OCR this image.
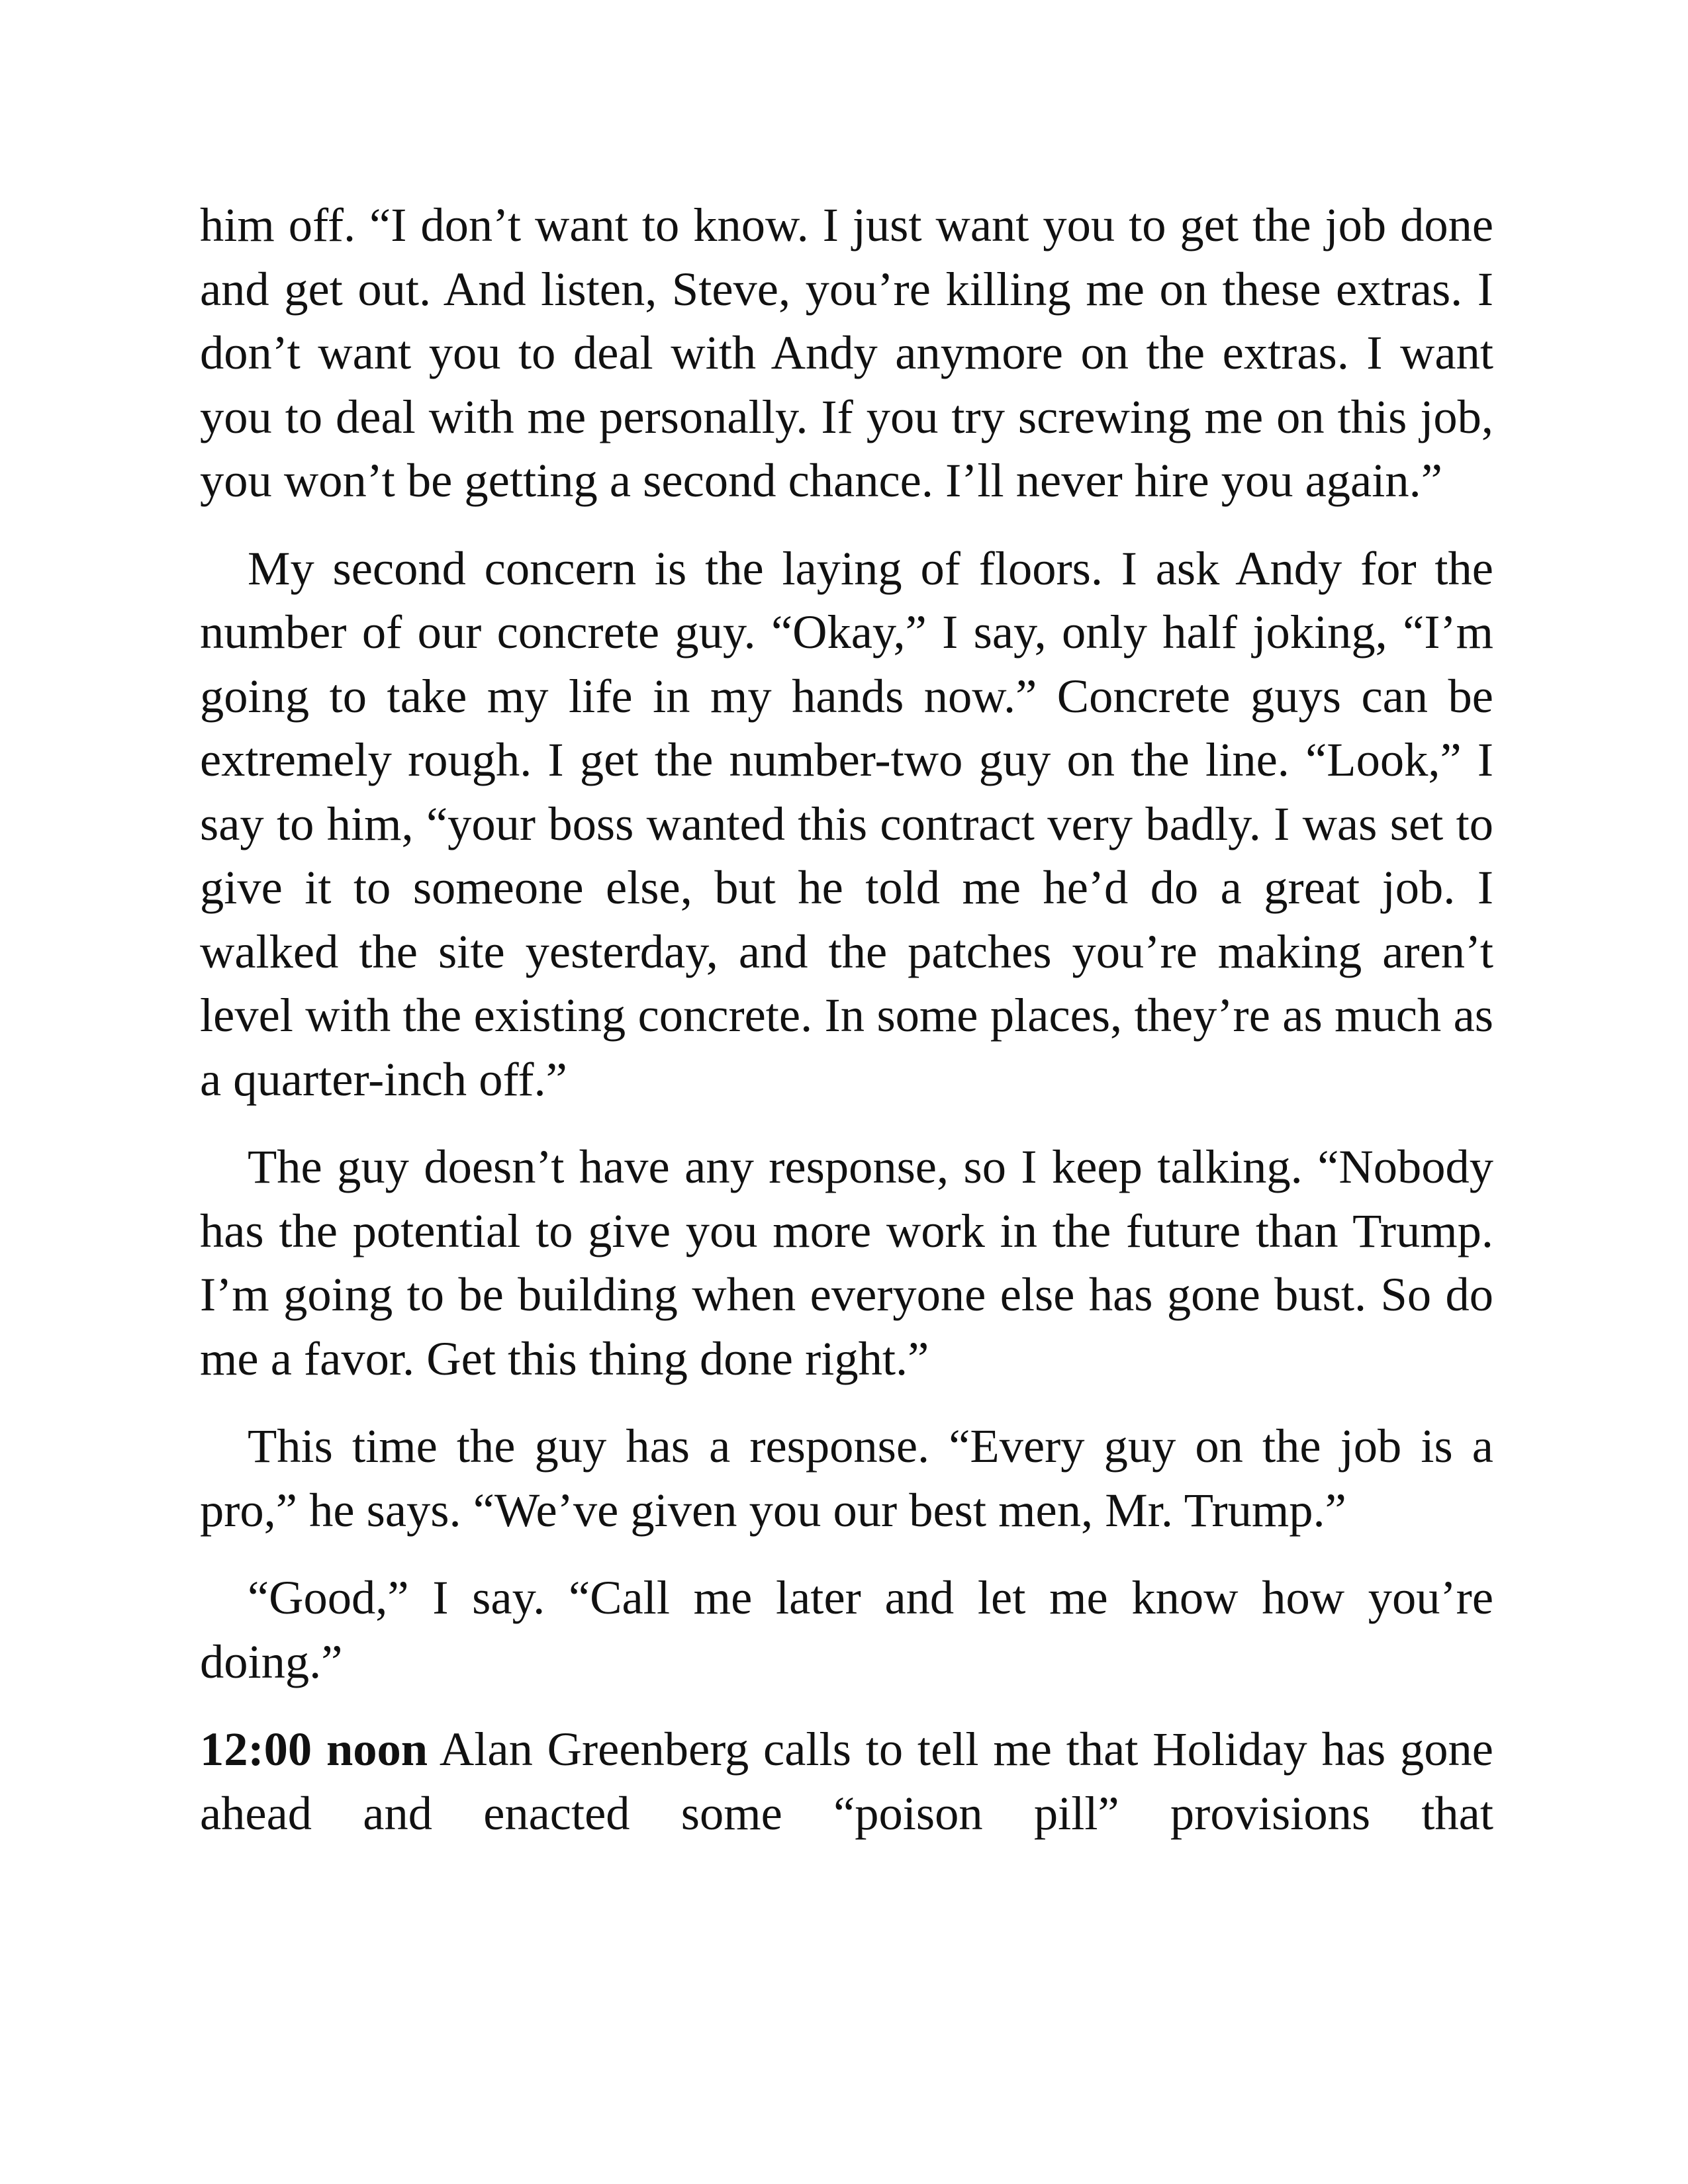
him off. “I don’t want to know. I just want you to get the job done and get out. And listen, Steve, you’re killing me on these extras. I don’t want you to deal with Andy anymore on the extras. I want you to deal with me personally. If you try screwing me on this job, you won’t be getting a second chance. I’ll never hire you again.”

My second concern is the laying of floors. I ask Andy for the number of our concrete guy. “Okay,” I say, only half joking, “I’m going to take my life in my hands now.” Concrete guys can be extremely rough. I get the number-two guy on the line. “Look,” I say to him, “your boss wanted this contract very badly. I was set to give it to someone else, but he told me he’d do a great job. I walked the site yesterday, and the patches you’re making aren’t level with the existing concrete. In some places, they’re as much as a quarter-inch off.”

The guy doesn’t have any response, so I keep talking. “Nobody has the potential to give you more work in the future than Trump. I’m going to be building when everyone else has gone bust. So do me a favor. Get this thing done right.”

This time the guy has a response. “Every guy on the job is a pro,” he says. “We’ve given you our best men, Mr. Trump.”

“Good,” I say. “Call me later and let me know how you’re doing.”

12:00 noon Alan Greenberg calls to tell me that Holiday has gone ahead and enacted some “poison pill” provisions that
